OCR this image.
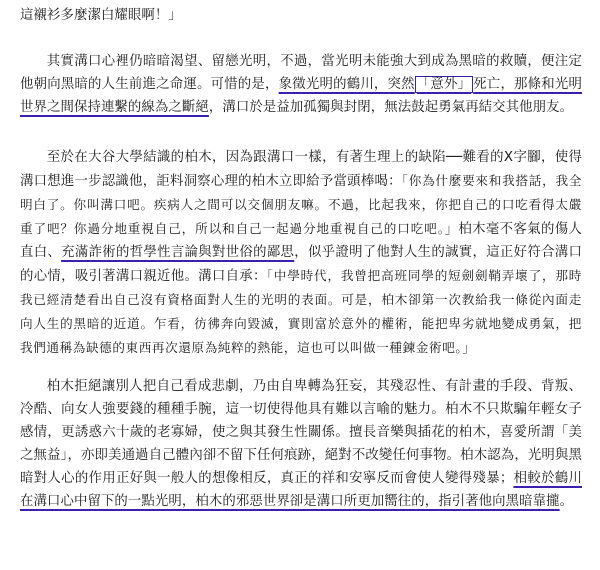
這襯衫多麼潔白耀眼啊！」

其實溝口心裡仍暗暗渴望、留戀光明，不過，當光明未能強大到成為黑暗的救贖，便注定他朝向黑暗的人生前進之命運。可惜的是，象徵光明的鶴川，突然 「意外」 死亡，那條和光明世界之間保持連繫的線為之斷絕，溝口於是益加孤獨與封閉，無法鼓起勇氣再結交其他朋友。

至於在大谷大學結識的柏木，因為跟溝口一樣，有著生理上的缺陷──難看的X字腳，使得溝口想進一步認識他，詎料洞察心理的柏木立即給予當頭棒喝：「你為什麼要來和我搭話，我全明白了。你叫溝口吧。疾病人之間可以交個朋友嘛。不過，比起我來，你把自己的口吃看得太嚴重了吧？你過分地重視自己，所以和自己一起過分地重視自己的口吃吧。」柏木毫不客氣的傷人直白、充滿詐術的哲學性言論與對世俗的鄙思，似乎證明了他對人生的誠實，這正好符合溝口的心情，吸引著溝口親近他。溝口自承：「中學時代，我曾把高班同學的短劍劍鞘弄壞了，那時我已經清楚看出自己沒有資格面對人生的光明的表面。可是，柏木卻第一次教給我一條從內面走向人生的黑暗的近道。乍看，彷彿奔向毀滅，實則富於意外的權術，能把卑劣就地變成勇氣，把我們通稱為缺德的東西再次還原為純粹的熱能，這也可以叫做一種鍊金術吧。」

柏木拒絕讓別人把自己看成悲劇，乃由自卑轉為狂妄，其殘忍性、有計畫的手段、背叛、冷酷、向女人強要錢的種種手腕，這一切使得他具有難以言喻的魅力。柏木不只欺騙年輕女子感情，更誘惑六十歲的老寡婦，使之與其發生性關係。擅長音樂與插花的柏木，喜愛所謂「美之無益」，亦即美通過自己體內卻不留下任何痕跡，絕對不改變任何事物。柏木認為，光明與黑暗對人心的作用正好與一般人的想像相反，真正的祥和安寧反而會使人變得殘暴；相較於鶴川在溝口心中留下的一點光明，柏木的邪惡世界卻是溝口所更加嚮往的，指引著他向黑暗靠攏。
